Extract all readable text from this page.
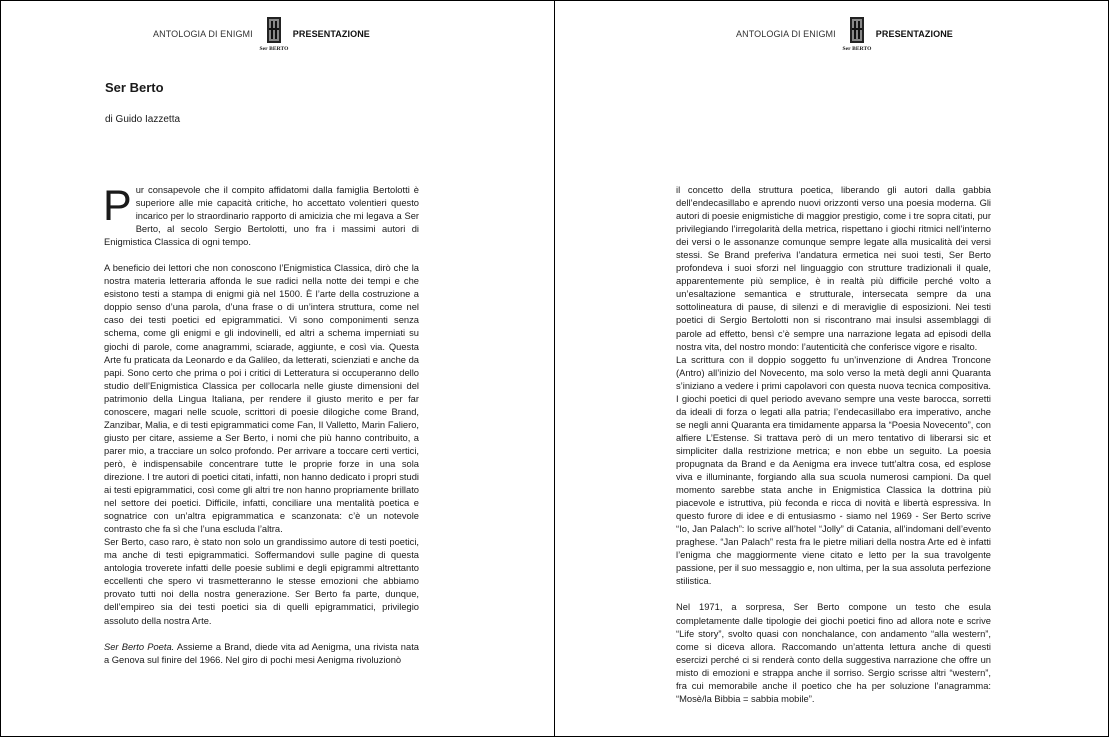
ANTOLOGIA DI ENIGMI
Ser BERTO
PRESENTAZIONE
Ser Berto

di Guido Iazzetta

Pur consapevole che il compito affidatomi dalla famiglia Bertolotti è superiore alle mie capacità critiche, ho accettato volentieri questo incarico per lo straordinario rapporto di amicizia che mi legava a Ser Berto, al secolo Sergio Bertolotti, uno fra i massimi autori di Enigmistica Classica di ogni tempo.

A beneficio dei lettori che non conoscono l’Enigmistica Classica, dirò che la nostra materia letteraria affonda le sue radici nella notte dei tempi e che esistono testi a stampa di enigmi già nel 1500. È l’arte della costruzione a doppio senso d’una parola, d’una frase o di un’intera struttura, come nel caso dei testi poetici ed epigrammatici. Vi sono componimenti senza schema, come gli enigmi e gli indovinelli, ed altri a schema imperniati su giochi di parole, come anagrammi, sciarade, aggiunte, e così via. Questa Arte fu praticata da Leonardo e da Galileo, da letterati, scienziati e anche da papi. Sono certo che prima o poi i critici di Letteratura si occuperanno dello studio dell’Enigmistica Classica per collocarla nelle giuste dimensioni del patrimonio della Lingua Italiana, per rendere il giusto merito e per far conoscere, magari nelle scuole, scrittori di poesie dilogiche come Brand, Zanzibar, Malia, e di testi epigrammatici come Fan, Il Valletto, Marin Faliero, giusto per citare, assieme a Ser Berto, i nomi che più hanno contribuito, a parer mio, a tracciare un solco profondo. Per arrivare a toccare certi vertici, però, è indispensabile concentrare tutte le proprie forze in una sola direzione. I tre autori di poetici citati, infatti, non hanno dedicato i propri studi ai testi epigrammatici, così come gli altri tre non hanno propriamente brillato nel settore dei poetici. Difficile, infatti, conciliare una mentalità poetica e sognatrice con un’altra epigrammatica e scanzonata: c’è un notevole contrasto che fa sì che l’una escluda l’altra.

Ser Berto, caso raro, è stato non solo un grandissimo autore di testi poetici, ma anche di testi epigrammatici. Soffermandovi sulle pagine di questa antologia troverete infatti delle poesie sublimi e degli epigrammi altrettanto eccellenti che spero vi trasmetteranno le stesse emozioni che abbiamo provato tutti noi della nostra generazione. Ser Berto fa parte, dunque, dell’empireo sia dei testi poetici sia di quelli epigrammatici, privilegio assoluto della nostra Arte.

Ser Berto Poeta. Assieme a Brand, diede vita ad Aenigma, una rivista nata a Genova sul finire del 1966. Nel giro di pochi mesi Aenigma rivoluzionò

ANTOLOGIA DI ENIGMI
Ser BERTO
PRESENTAZIONE

il concetto della struttura poetica, liberando gli autori dalla gabbia dell’endecasillabo e aprendo nuovi orizzonti verso una poesia moderna. Gli autori di poesie enigmistiche di maggior prestigio, come i tre sopra citati, pur privilegiando l’irregolarità della metrica, rispettano i giochi ritmici nell’interno dei versi o le assonanze comunque sempre legate alla musicalità dei versi stessi. Se Brand preferiva l’andatura ermetica nei suoi testi, Ser Berto profondeva i suoi sforzi nel linguaggio con strutture tradizionali il quale, apparentemente più semplice, è in realtà più difficile perché volto a un’esaltazione semantica e strutturale, intersecata sempre da una sottolineatura di pause, di silenzi e di meraviglie di esposizioni. Nei testi poetici di Sergio Bertolotti non si riscontrano mai insulsi assemblaggi di parole ad effetto, bensì c’è sempre una narrazione legata ad episodi della nostra vita, del nostro mondo: l’autenticità che conferisce vigore e risalto.

La scrittura con il doppio soggetto fu un’invenzione di Andrea Troncone (Antro) all’inizio del Novecento, ma solo verso la metà degli anni Quaranta s’iniziano a vedere i primi capolavori con questa nuova tecnica compositiva. I giochi poetici di quel periodo avevano sempre una veste barocca, sorretti da ideali di forza o legati alla patria; l’endecasillabo era imperativo, anche se negli anni Quaranta era timidamente apparsa la “Poesia Novecento”, con alfiere L’Estense. Si trattava però di un mero tentativo di liberarsi sic et simpliciter dalla restrizione metrica; e non ebbe un seguito. La poesia propugnata da Brand e da Aenigma era invece tutt’altra cosa, ed esplose viva e illuminante, forgiando alla sua scuola numerosi campioni. Da quel momento sarebbe stata anche in Enigmistica Classica la dottrina più piacevole e istruttiva, più feconda e ricca di novità e libertà espressiva. In questo furore di idee e di entusiasmo - siamo nel 1969 - Ser Berto scrive “Io, Jan Palach”: lo scrive all’hotel “Jolly” di Catania, all’indomani dell’evento praghese. “Jan Palach” resta fra le pietre miliari della nostra Arte ed è infatti l’enigma che maggiormente viene citato e letto per la sua travolgente passione, per il suo messaggio e, non ultima, per la sua assoluta perfezione stilistica.

Nel 1971, a sorpresa, Ser Berto compone un testo che esula completamente dalle tipologie dei giochi poetici fino ad allora note e scrive “Life story”, svolto quasi con nonchalance, con andamento “alla western”, come si diceva allora. Raccomando un’attenta lettura anche di questi esercizi perché ci si renderà conto della suggestiva narrazione che offre un misto di emozioni e strappa anche il sorriso. Sergio scrisse altri “western”, fra cui memorabile anche il poetico che ha per soluzione l’anagramma: “Mosè/la Bibbia = sabbia mobile”.
